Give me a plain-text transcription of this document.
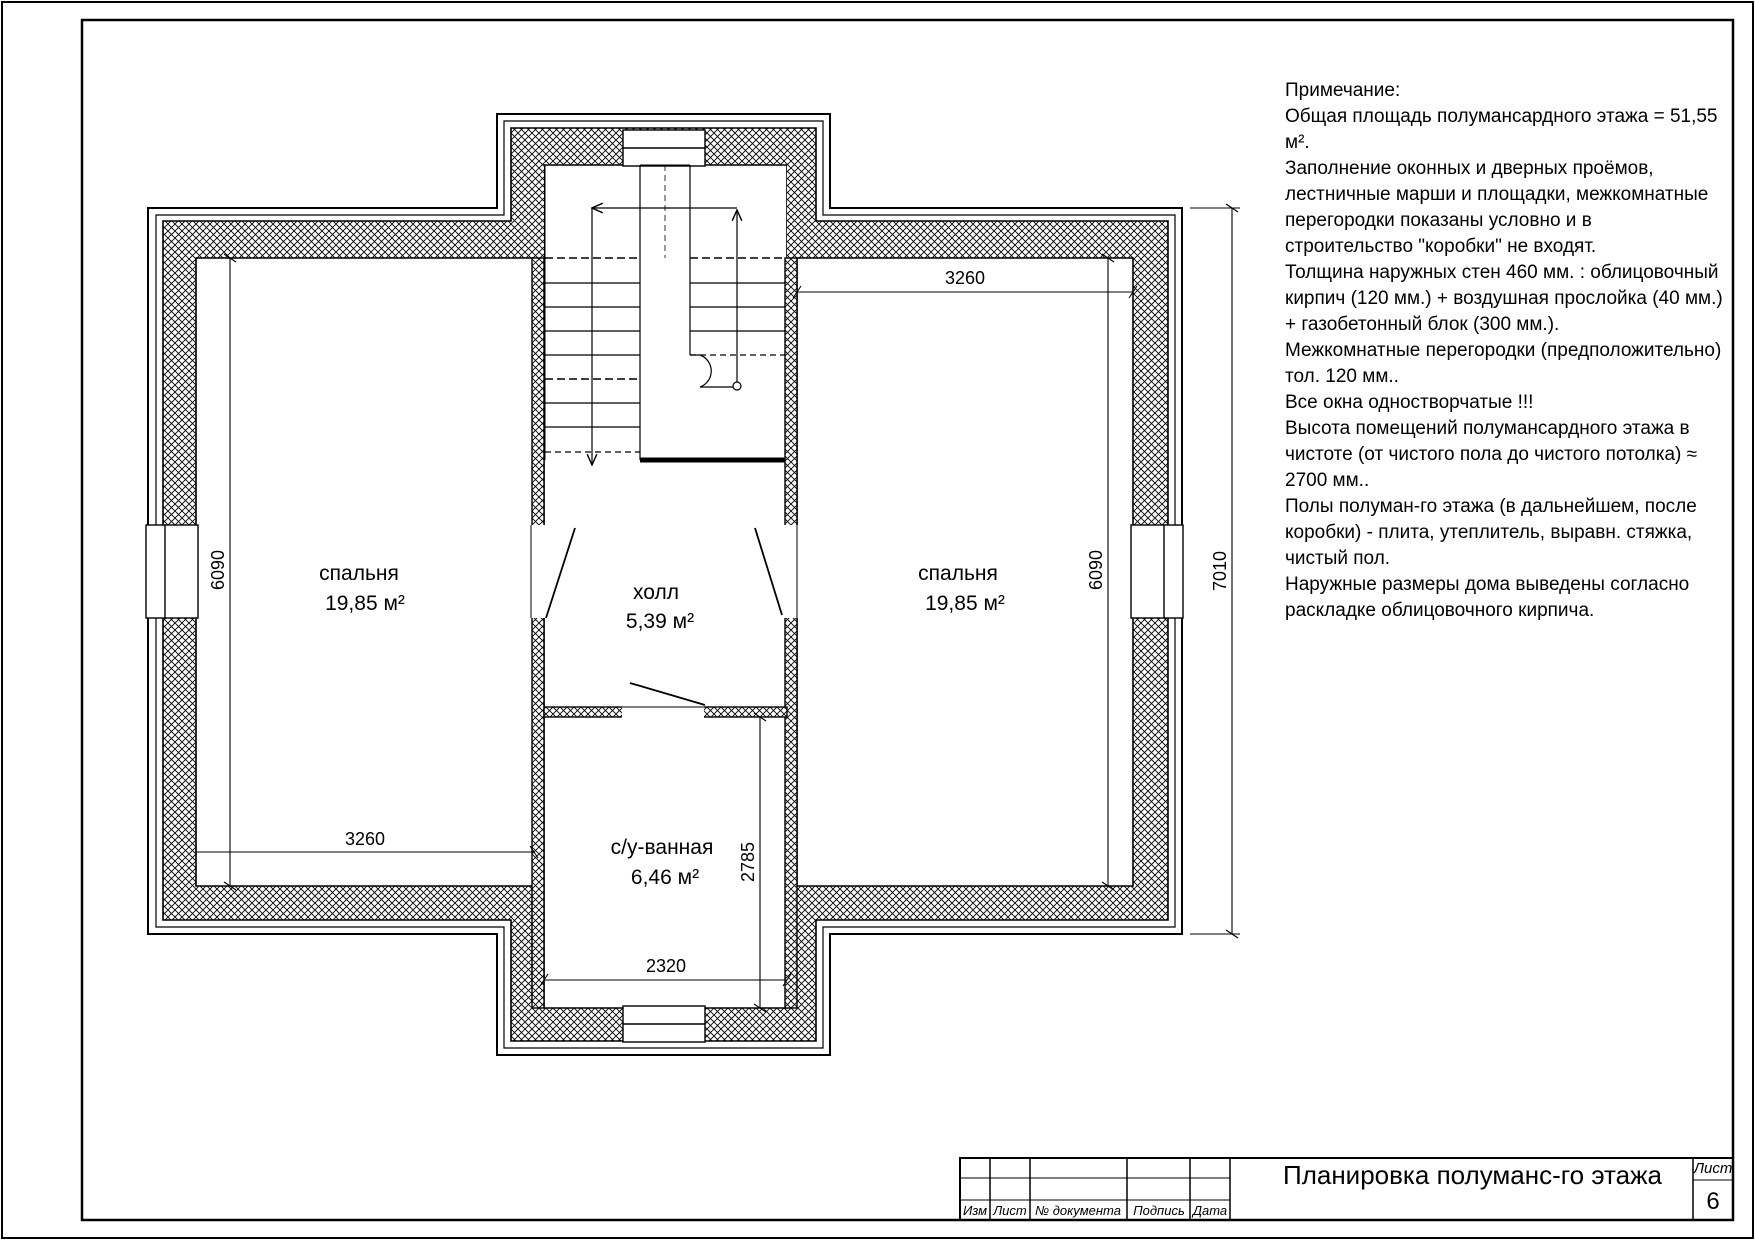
3260
6090
3260
6090	7010
2320
2785
спальня
19,85 м²	холл
5,39 м²
спальня
19,85 м²
с/у-ванная
6,46 м²
Изм Лист № документа Подпись Дата
Примечание:
Общая площадь полумансардного этажа = 51,55 м².
Заполнение оконных и дверных проёмов, лестничные марши и площадки, межкомнатные перегородки показаны условно и в строительство "коробки" не входят.
Толщина наружных стен 460 мм. : облицовочный кирпич (120 мм.) + воздушная прослойка (40 мм.) + газобетонный блок (300 мм.).
Межкомнатные перегородки (предположительно) тол. 120 мм..
Все окна одностворчатые !!!
Высота помещений полумансардного этажа в чистоте (от чистого пола до чистого потолка) ≈ 2700 мм..
Полы полуман-го этажа (в дальнейшем, после коробки) - плита, утеплитель, выравн. стяжка, чистый пол.
Наружные размеры дома выведены согласно раскладке облицовочного кирпича.
Планировка полуманс-го этажа	Лист
6
